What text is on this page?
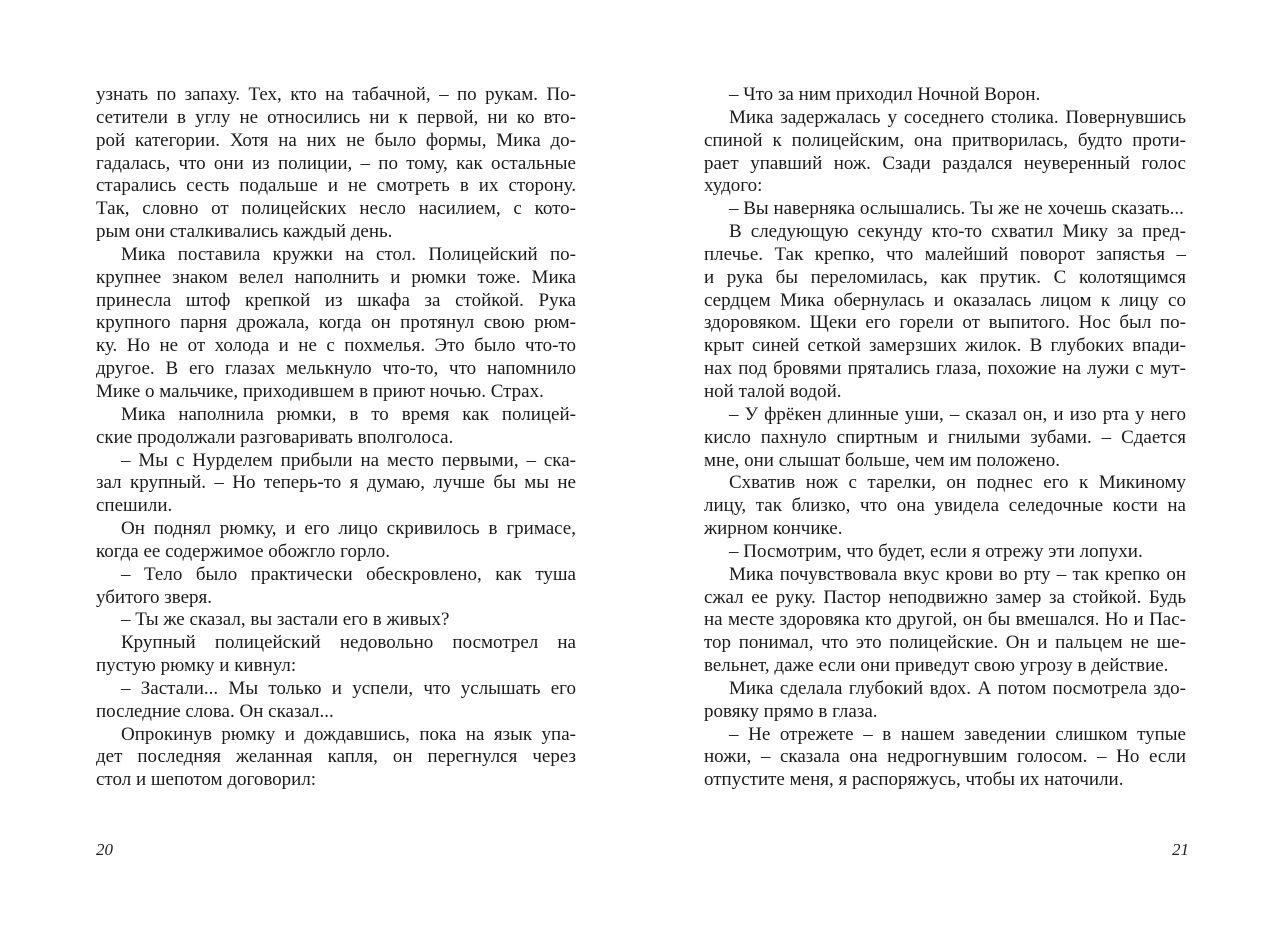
узнать по запаху. Тех, кто на табачной, – по рукам. По-
сетители в углу не относились ни к первой, ни ко вто-
рой категории. Хотя на них не было формы, Мика до-
гадалась, что они из полиции, – по тому, как остальные
старались сесть подальше и не смотреть в их сторону.
Так, словно от полицейских несло насилием, с кото-
рым они сталкивались каждый день.
Мика поставила кружки на стол. Полицейский по-
крупнее знаком велел наполнить и рюмки тоже. Мика
принесла штоф крепкой из шкафа за стойкой. Рука
крупного парня дрожала, когда он протянул свою рюм-
ку. Но не от холода и не с похмелья. Это было что-то
другое. В его глазах мелькнуло что-то, что напомнило
Мике о мальчике, приходившем в приют ночью. Страх.
Мика наполнила рюмки, в то время как полицей-
ские продолжали разговаривать вполголоса.
– Мы с Нурделем прибыли на место первыми, – ска-
зал крупный. – Но теперь-то я думаю, лучше бы мы не
спешили.
Он поднял рюмку, и его лицо скривилось в гримасе,
когда ее содержимое обожгло горло.
– Тело было практически обескровлено, как туша
убитого зверя.
– Ты же сказал, вы застали его в живых?
Крупный полицейский недовольно посмотрел на
пустую рюмку и кивнул:
– Застали... Мы только и успели, что услышать его
последние слова. Он сказал...
Опрокинув рюмку и дождавшись, пока на язык упа-
дет последняя желанная капля, он перегнулся через
стол и шепотом договорил:
20
– Что за ним приходил Ночной Ворон.
Мика задержалась у соседнего столика. Повернувшись
спиной к полицейским, она притворилась, будто проти-
рает упавший нож. Сзади раздался неуверенный голос
худого:
– Вы наверняка ослышались. Ты же не хочешь сказать...
В следующую секунду кто-то схватил Мику за пред-
плечье. Так крепко, что малейший поворот запястья –
и рука бы переломилась, как прутик. С колотящимся
сердцем Мика обернулась и оказалась лицом к лицу со
здоровяком. Щеки его горели от выпитого. Нос был по-
крыт синей сеткой замерзших жилок. В глубоких впади-
нах под бровями прятались глаза, похожие на лужи с мут-
ной талой водой.
– У фрёкен длинные уши, – сказал он, и изо рта у него
кисло пахнуло спиртным и гнилыми зубами. – Сдается
мне, они слышат больше, чем им положено.
Схватив нож с тарелки, он поднес его к Микиному
лицу, так близко, что она увидела селедочные кости на
жирном кончике.
– Посмотрим, что будет, если я отрежу эти лопухи.
Мика почувствовала вкус крови во рту – так крепко он
сжал ее руку. Пастор неподвижно замер за стойкой. Будь
на месте здоровяка кто другой, он бы вмешался. Но и Пас-
тор понимал, что это полицейские. Он и пальцем не ше-
вельнет, даже если они приведут свою угрозу в действие.
Мика сделала глубокий вдох. А потом посмотрела здо-
ровяку прямо в глаза.
– Не отрежете – в нашем заведении слишком тупые
ножи, – сказала она недрогнувшим голосом. – Но если
отпустите меня, я распоряжусь, чтобы их наточили.
21
